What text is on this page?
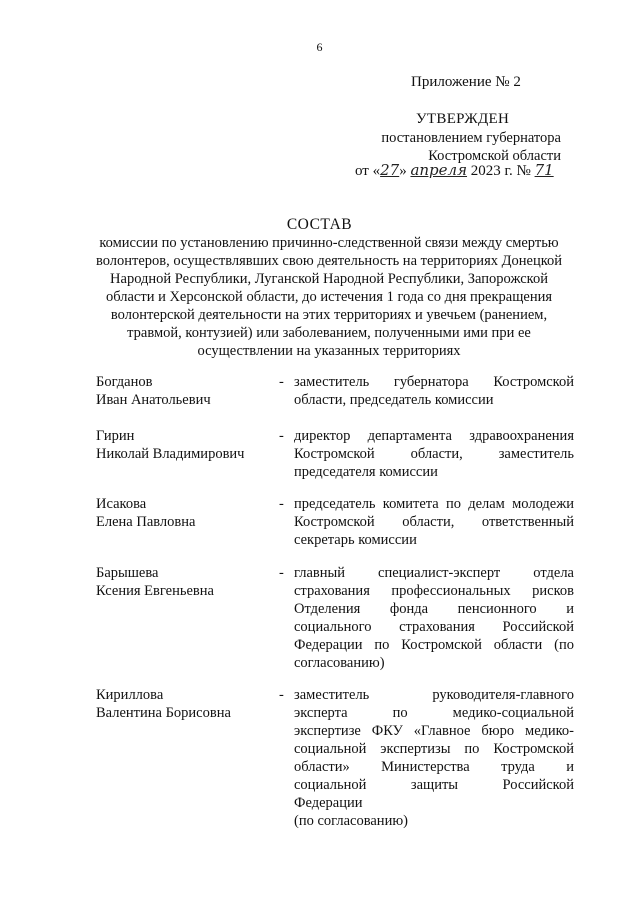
6
Приложение № 2
УТВЕРЖДЕН
постановлением губернатора
Костромской области
от «27» апреля 2023 г. № 71
СОСТАВ
комиссии по установлению причинно-следственной связи между смертью
волонтеров, осуществлявших свою деятельность на территориях Донецкой
Народной Республики, Луганской Народной Республики, Запорожской
области и Херсонской области, до истечения 1 года со дня прекращения
волонтерской деятельности на этих территориях и увечьем (ранением,
травмой, контузией) или заболеванием, полученными ими при ее
осуществлении на указанных территориях
Богданов
Иван Анатольевич
- заместитель губернатора Костромской
области, председатель комиссии
Гирин
Николай Владимирович
- директор департамента здравоохранения
Костромской области, заместитель
председателя комиссии
Исакова
Елена Павловна
- председатель комитета по делам молодежи
Костромской области, ответственный
секретарь комиссии
Барышева
Ксения Евгеньевна
- главный специалист-эксперт отдела
страхования профессиональных рисков
Отделения фонда пенсионного и
социального страхования Российской
Федерации по Костромской области (по
согласованию)
Кириллова
Валентина Борисовна
- заместитель руководителя-главного
эксперта по медико-социальной
экспертизе ФКУ «Главное бюро медико-
социальной экспертизы по Костромской
области» Министерства труда и
социальной защиты Российской
Федерации
(по согласованию)
